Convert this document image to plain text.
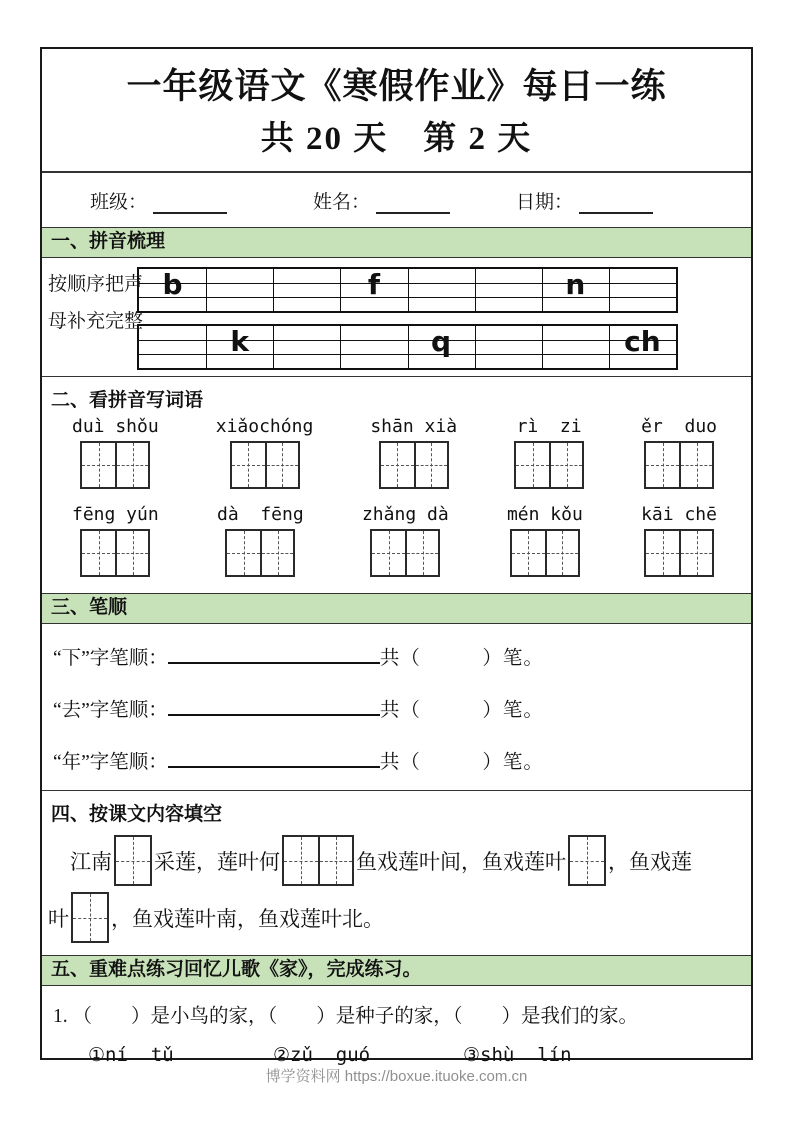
一年级语文《寒假作业》每日一练
共 20 天　第 2 天
班级：	姓名：	日期：
一、拼音梳理
按顺序把声
母补充完整
b	f	n
k	q	ch
二、看拼音写词语
duì shǒu	xiǎochóng	shān xià	rì  zi	ěr  duo
fēng yún	dà  fēng	zhǎng dà	mén kǒu	kāi chē
三、笔顺
“下”字笔顺：	共（　　　）笔。
“去”字笔顺：	共（　　　）笔。
“年”字笔顺：	共（　　　）笔。
四、按课文内容填空
江南 采莲，莲叶何	鱼戏莲叶间，鱼戏莲叶 ，鱼戏莲
叶 ，鱼戏莲叶南，鱼戏莲叶北。
五、重难点练习回忆儿歌《家》，完成练习。
1. （　　）是小鸟的家，（　　）是种子的家，（　　）是我们的家。
①ní  tǔ	②zǔ  guó	③shù  lín
博学资料网 https://boxue.ituoke.com.cn
